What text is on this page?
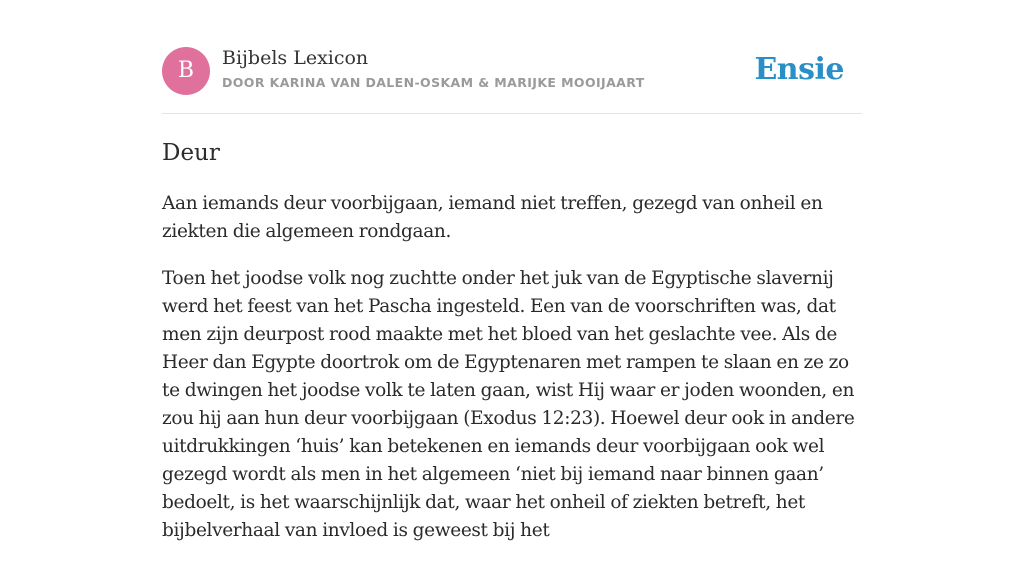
B	Bijbels Lexicon
DOOR KARINA VAN DALEN-OSKAM & MARIJKE MOOIJAART	Ensie
Deur

Aan iemands deur voorbijgaan, iemand niet treffen, gezegd van onheil en ziekten die algemeen rondgaan.

Toen het joodse volk nog zuchtte onder het juk van de Egyptische slavernij werd het feest van het Pascha ingesteld. Een van de voorschriften was, dat men zijn deurpost rood maakte met het bloed van het geslachte vee. Als de Heer dan Egypte doortrok om de Egyptenaren met rampen te slaan en ze zo te dwingen het joodse volk te laten gaan, wist Hij waar er joden woonden, en zou hij aan hun deur voorbijgaan (Exodus 12:23). Hoewel deur ook in andere uitdrukkingen ‘huis’ kan betekenen en iemands deur voorbijgaan ook wel gezegd wordt als men in het algemeen ‘niet bij iemand naar binnen gaan’ bedoelt, is het waarschijnlijk dat, waar het onheil of ziekten betreft, het bijbelverhaal van invloed is geweest bij het
